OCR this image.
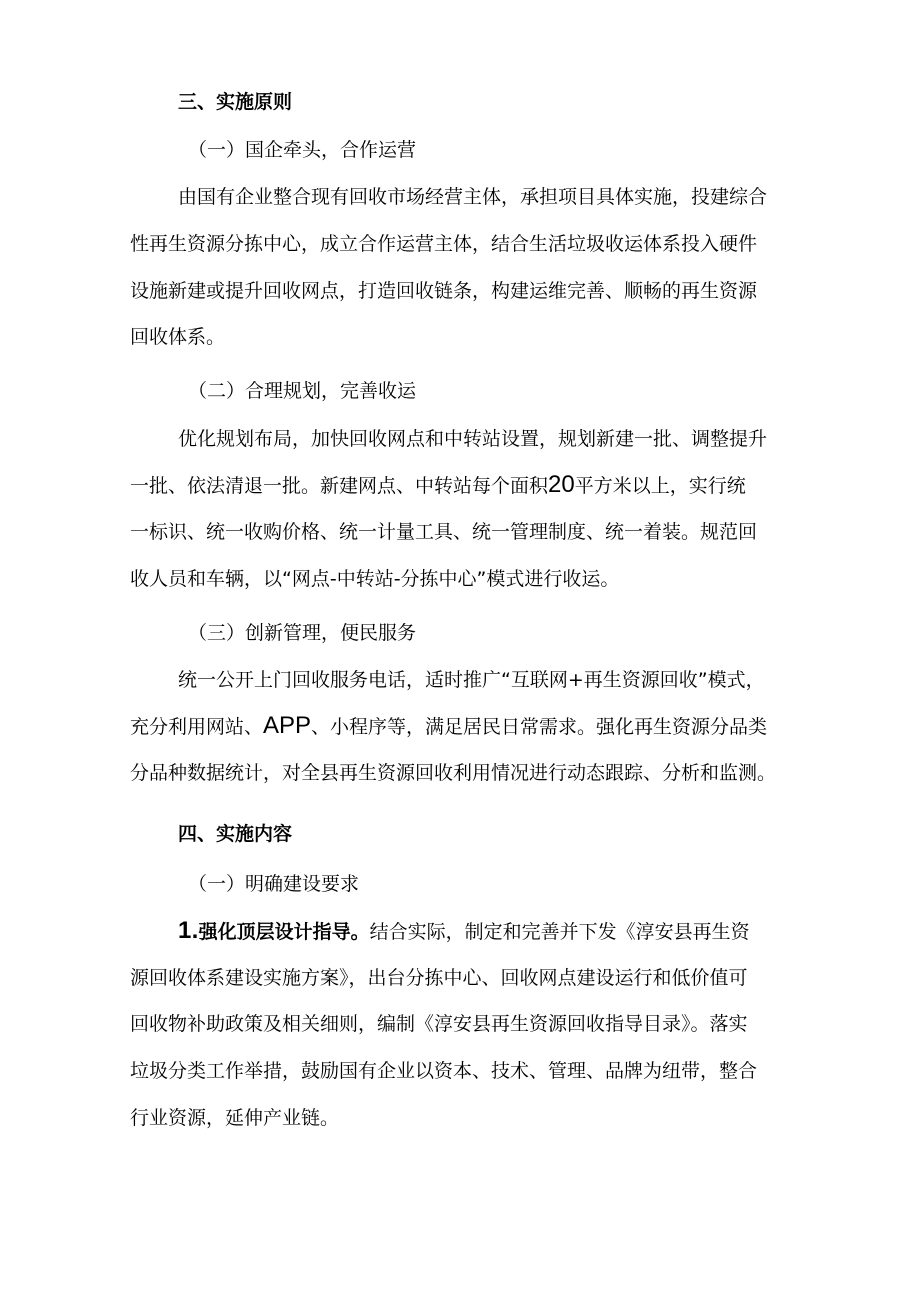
三、实施原则

（一）国企牵头，合作运营

由国有企业整合现有回收市场经营主体，承担项目具体实施，投建综合

性再生资源分拣中心，成立合作运营主体，结合生活垃圾收运体系投入硬件

设施新建或提升回收网点，打造回收链条，构建运维完善、顺畅的再生资源

回收体系。

（二）合理规划，完善收运

优化规划布局，加快回收网点和中转站设置，规划新建一批、调整提升

一批、依法清退一批。新建网点、中转站每个面积20平方米以上，实行统

一标识、统一收购价格、统一计量工具、统一管理制度、统一着装。规范回

收人员和车辆，以“网点-中转站-分拣中心”模式进行收运。

（三）创新管理，便民服务

统一公开上门回收服务电话，适时推广“互联网+再生资源回收”模式，

充分利用网站、APP、小程序等，满足居民日常需求。强化再生资源分品类

分品种数据统计，对全县再生资源回收利用情况进行动态跟踪、分析和监测。

四、实施内容

（一）明确建设要求

1.强化顶层设计指导。结合实际，制定和完善并下发《淳安县再生资

源回收体系建设实施方案》，出台分拣中心、回收网点建设运行和低价值可

回收物补助政策及相关细则，编制《淳安县再生资源回收指导目录》。落实

垃圾分类工作举措，鼓励国有企业以资本、技术、管理、品牌为纽带，整合

行业资源，延伸产业链。
